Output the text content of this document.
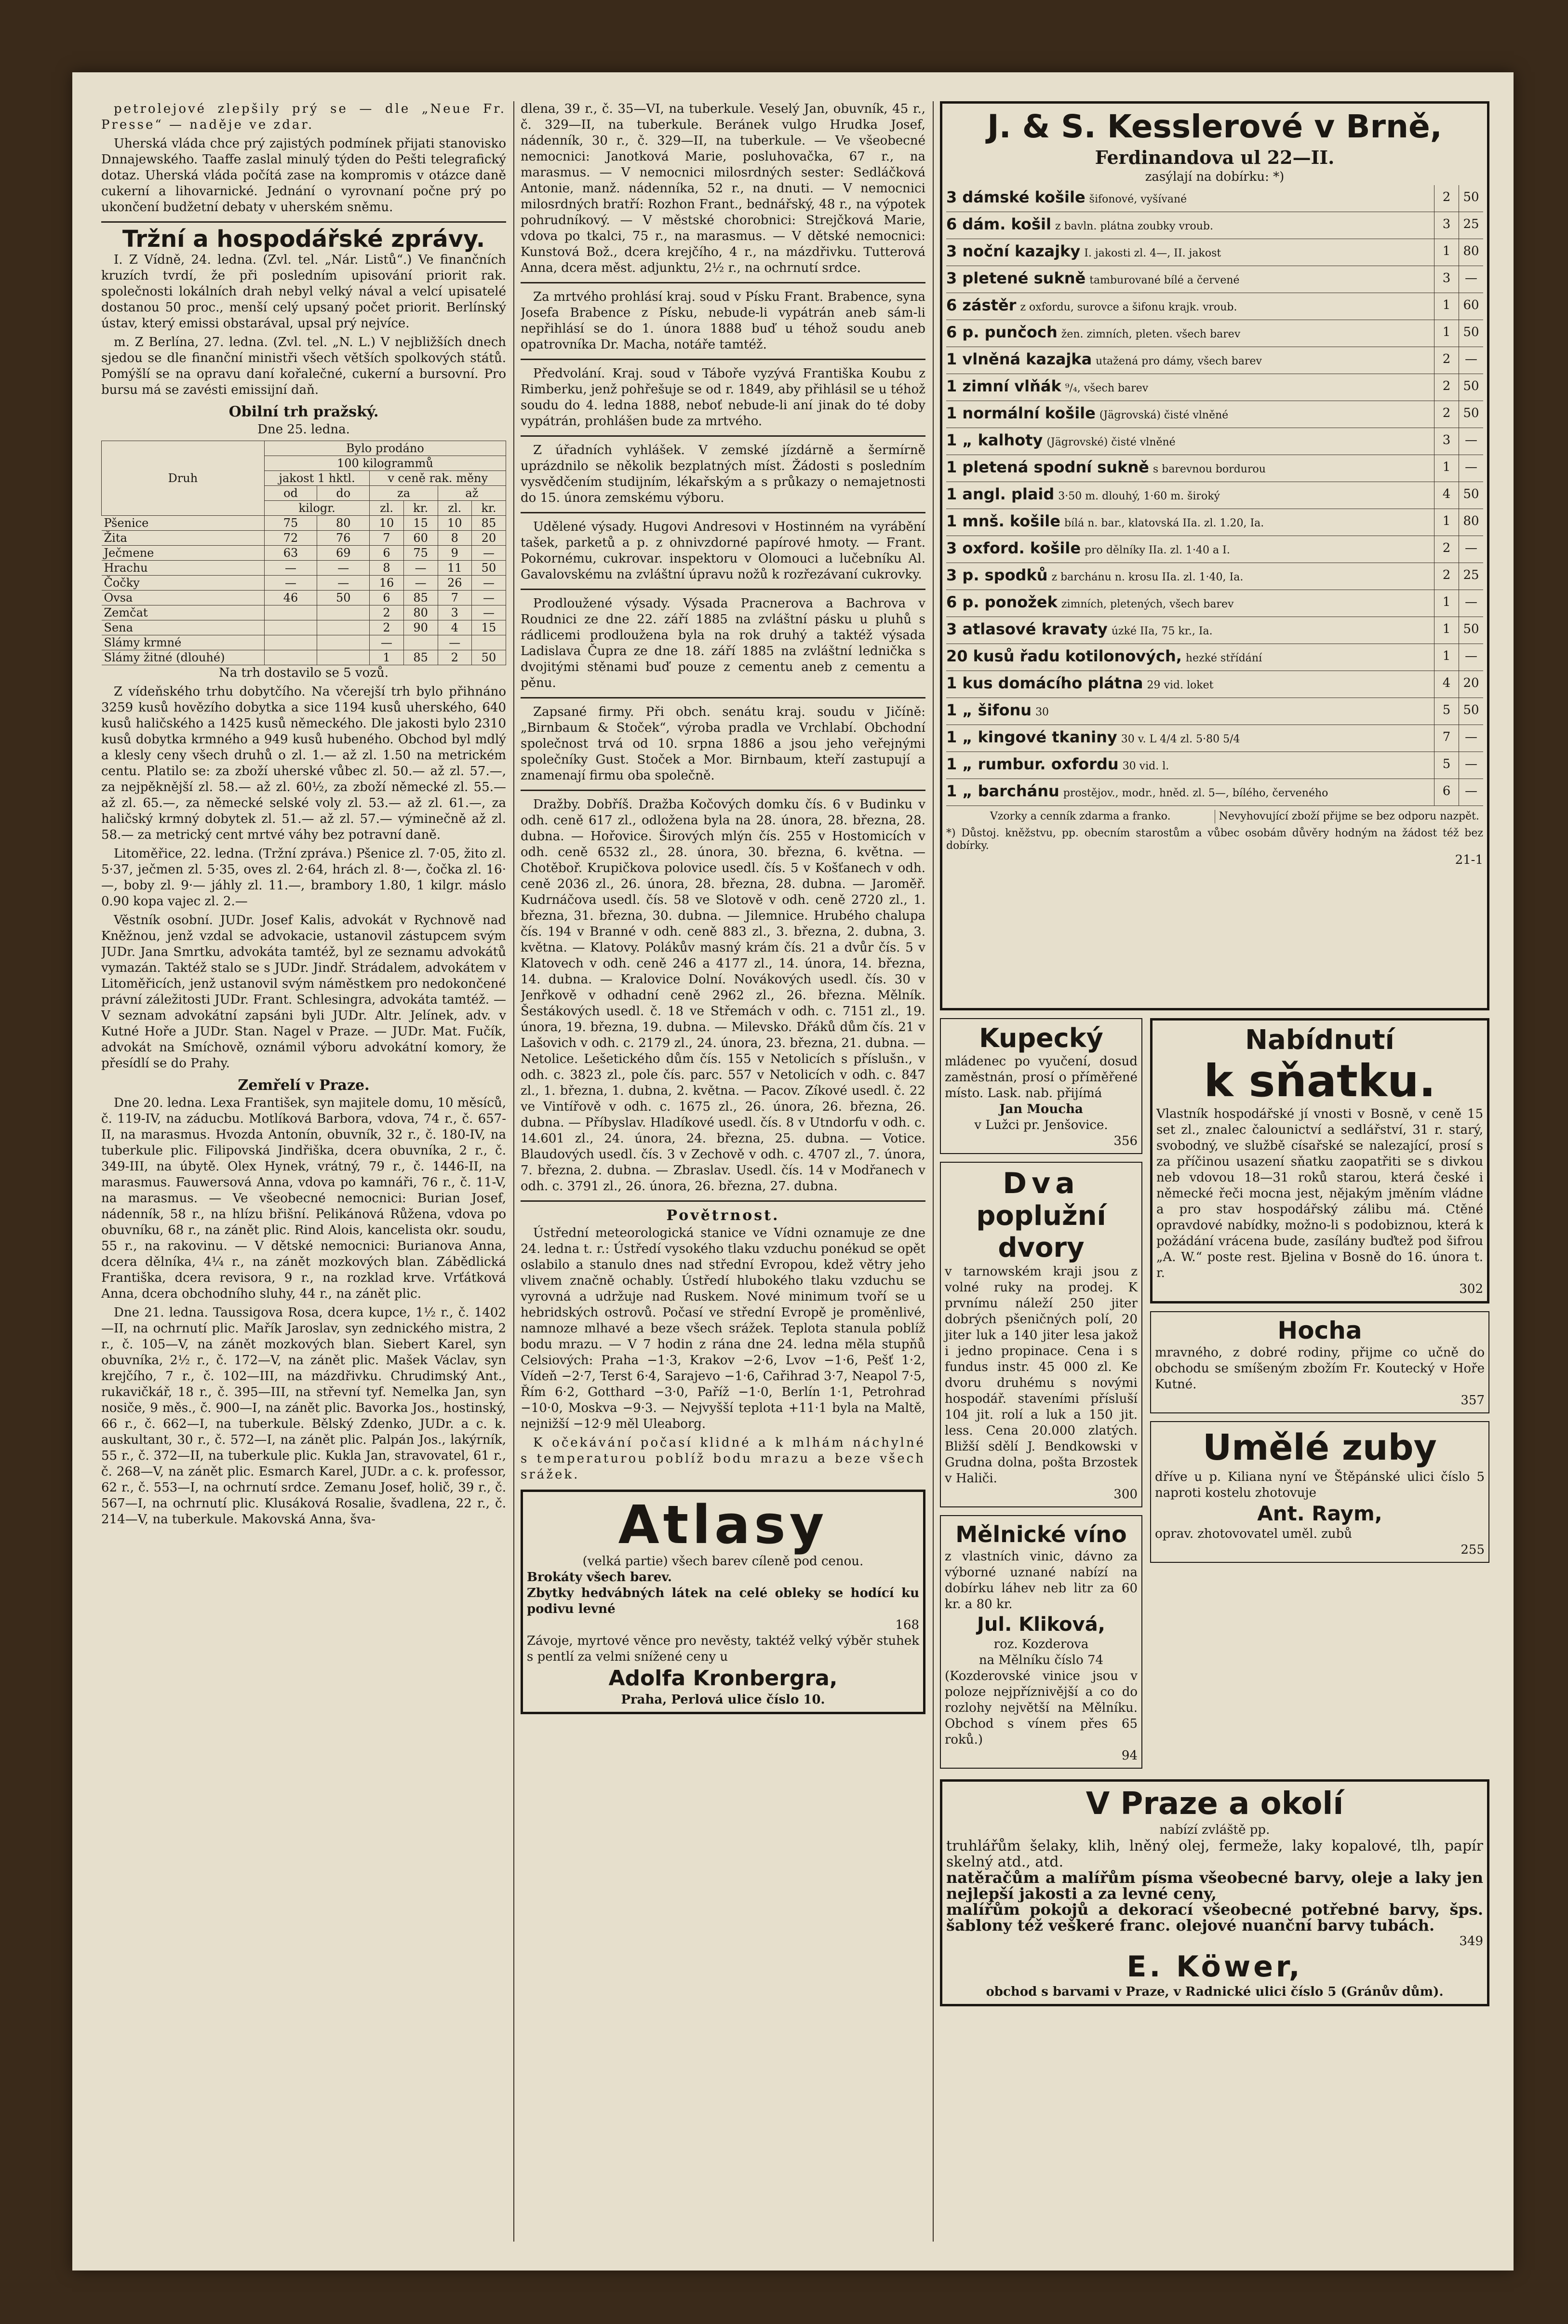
petrolejové zlepšily prý se — dle „Neue Fr. Presse“ — naděje ve zdar.

Uherská vláda chce prý zajistých podmínek přijati stanovisko Dnnajewského. Taaffe zaslal minulý týden do Pešti telegrafický dotaz. Uherská vláda počítá zase na kompromis v otázce daně cukerní a lihovarnické. Jednání o vyrovnaní počne prý po ukončení budžetní debaty v uherském sněmu.

Tržní a hospodářské zprávy.

I. Z Vídně, 24. ledna. (Zvl. tel. „Nár. Listů“.) Ve finančních kruzích tvrdí, že při posledním upisování priorit rak. společnosti lokálních drah nebyl velký nával a velcí upisatelé dostanou 50 proc., menší celý upsaný počet priorit. Berlínský ústav, který emissi obstarával, upsal prý nejvíce.

m. Z Berlína, 27. ledna. (Zvl. tel. „N. L.) V nejbližších dnech sjedou se dle finanční ministři všech větších spolkových států. Pomýšlí se na opravu daní kořalečné, cukerní a bursovní. Pro bursu má se zavésti emissijní daň.

Obilní trh pražský.

Dne 25. ledna.

Druh	Bylo prodáno					
	100 kilogrammů					
	jakost 1 hktl.		v ceně rak. měny			
	od	do	za		až	
	kilogr.		zl.	kr.	zl.	kr.
Pšenice	75	80	10	15	10	85
Žita	72	76	7	60	8	20
Ječmene	63	69	6	75	9	—
Hrachu	—	—	8	—	11	50
Čočky	—	—	16	—	26	—
Ovsa	46	50	6	85	7	—
Zemčat			2	80	3	—
Sena			2	90	4	15
Slámy krmné			—		—	
Slámy žitné (dlouhé)			1	85	2	50

Na trh dostavilo se 5 vozů.

Z vídeňského trhu dobytčího. Na včerejší trh bylo přihnáno 3259 kusů hovězího dobytka a sice 1194 kusů uherského, 640 kusů haličského a 1425 kusů německého. Dle jakosti bylo 2310 kusů dobytka krmného a 949 kusů hubeného. Obchod byl mdlý a klesly ceny všech druhů o zl. 1.— až zl. 1.50 na metrickém centu. Platilo se: za zboží uherské vůbec zl. 50.— až zl. 57.—, za nejpěknější zl. 58.— až zl. 60½, za zboží německé zl. 55.— až zl. 65.—, za německé selské voly zl. 53.— až zl. 61.—, za haličský krmný dobytek zl. 51.— až zl. 57.— výminečně až zl. 58.— za metrický cent mrtvé váhy bez potravní daně.

Litoměřice, 22. ledna. (Tržní zpráva.) Pšenice zl. 7·05, žito zl. 5·37, ječmen zl. 5·35, oves zl. 2·64, hrách zl. 8·—, čočka zl. 16·—, boby zl. 9·— jáhly zl. 11.—, brambory 1.80, 1 kilgr. máslo 0.90 kopa vajec zl. 2.—

Věstník osobní. JUDr. Josef Kalis, advokát v Rychnově nad Kněžnou, jenž vzdal se advokacie, ustanovil zástupcem svým JUDr. Jana Smrtku, advokáta tamtéž, byl ze seznamu advokátů vymazán. Taktéž stalo se s JUDr. Jindř. Strádalem, advokátem v Litoměřicích, jenž ustanovil svým náměstkem pro nedokončené právní záležitosti JUDr. Frant. Schlesingra, advokáta tamtéž. — V seznam advokátní zapsáni byli JUDr. Altr. Jelínek, adv. v Kutné Hoře a JUDr. Stan. Nagel v Praze. — JUDr. Mat. Fučík, advokát na Smíchově, oznámil výboru advokátní komory, že přesídlí se do Prahy.

Zemřelí v Praze.

Dne 20. ledna. Lexa František, syn majitele domu, 10 měsíců, č. 119-IV, na záducbu. Motlíková Barbora, vdova, 74 r., č. 657-II, na marasmus. Hvozda Antonín, obuvník, 32 r., č. 180-IV, na tuberkule plic. Filipovská Jindřiška, dcera obuvníka, 2 r., č. 349-III, na úbytě. Olex Hynek, vrátný, 79 r., č. 1446-II, na marasmus. Fauwersová Anna, vdova po kamnáři, 76 r., č. 11-V, na marasmus. — Ve všeobecné nemocnici: Burian Josef, nádenník, 58 r., na hlízu břišní. Pelikánová Růžena, vdova po obuvníku, 68 r., na zánět plic. Rind Alois, kancelista okr. soudu, 55 r., na rakovinu. — V dětské nemocnici: Burianova Anna, dcera dělníka, 4¼ r., na zánět mozkových blan. Zábědlická Františka, dcera revisora, 9 r., na rozklad krve. Vrťátková Anna, dcera obchodního sluhy, 44 r., na zánět plic.

Dne 21. ledna. Taussigova Rosa, dcera kupce, 1½ r., č. 1402—II, na ochrnutí plic. Mařík Jaroslav, syn zednického mistra, 2 r., č. 105—V, na zánět mozkových blan. Siebert Karel, syn obuvníka, 2½ r., č. 172—V, na zánět plic. Mašek Václav, syn krejčího, 7 r., č. 102—III, na mázdřivku. Chrudimský Ant., rukavičkář, 18 r., č. 395—III, na střevní tyf. Nemelka Jan, syn nosiče, 9 měs., č. 900—I, na zánět plic. Bavorka Jos., hostinský, 66 r., č. 662—I, na tuberkule. Bělský Zdenko, JUDr. a c. k. auskultant, 30 r., č. 572—I, na zánět plic. Palpán Jos., lakýrník, 55 r., č. 372—II, na tuberkule plic. Kukla Jan, stravovatel, 61 r., č. 268—V, na zánět plic. Esmarch Karel, JUDr. a c. k. professor, 62 r., č. 553—I, na ochrnutí srdce. Zemanu Josef, holič, 39 r., č. 567—I, na ochrnutí plic. Klusáková Rosalie, švadlena, 22 r., č. 214—V, na tuberkule. Makovská Anna, šva-

dlena, 39 r., č. 35—VI, na tuberkule. Veselý Jan, obuvník, 45 r., č. 329—II, na tuberkule. Beránek vulgo Hrudka Josef, nádenník, 30 r., č. 329—II, na tuberkule. — Ve všeobecné nemocnici: Janotková Marie, posluhovačka, 67 r., na marasmus. — V nemocnici milosrdných sester: Sedláčková Antonie, manž. nádenníka, 52 r., na dnuti. — V nemocnici milosrdných bratří: Rozhon Frant., bednářský, 48 r., na výpotek pohrudníkový. — V městské chorobnici: Strejčková Marie, vdova po tkalci, 75 r., na marasmus. — V dětské nemocnici: Kunstová Bož., dcera krejčího, 4 r., na mázdřivku. Tutterová Anna, dcera měst. adjunktu, 2½ r., na ochrnutí srdce.

Za mrtvého prohlásí kraj. soud v Písku Frant. Brabence, syna Josefa Brabence z Písku, nebude-li vypátrán aneb sám-li nepřihlásí se do 1. února 1888 buď u téhož soudu aneb opatrovníka Dr. Macha, notáře tamtéž.

Předvolání. Kraj. soud v Táboře vyzývá Františka Koubu z Rimberku, jenž pohřešuje se od r. 1849, aby přihlásil se u téhož soudu do 4. ledna 1888, neboť nebude-li aní jinak do té doby vypátrán, prohlášen bude za mrtvého.

Z úřadních vyhlášek. V zemské jízdárně a šermírně uprázdnilo se několik bezplatných míst. Žádosti s posledním vysvědčením studijním, lékařským a s průkazy o nemajetnosti do 15. února zemskému výboru.

Udělené výsady. Hugovi Andresovi v Hostinném na vyrábění tašek, parketů a p. z ohnivzdorné papírové hmoty. — Frant. Pokornému, cukrovar. inspektoru v Olomouci a lučebníku Al. Gavalovskému na zvláštní úpravu nožů k rozřezávaní cukrovky.

Prodloužené výsady. Výsada Pracnerova a Bachrova v Roudnici ze dne 22. září 1885 na zvláštní pásku u pluhů s rádlicemi prodloužena byla na rok druhý a taktéž výsada Ladislava Čupra ze dne 18. září 1885 na zvláštní lednička s dvojitými stěnami buď pouze z cementu aneb z cementu a pěnu.

Zapsané firmy. Při obch. senátu kraj. soudu v Jičíně: „Birnbaum & Stoček“, výroba pradla ve Vrchlabí. Obchodní společnost trvá od 10. srpna 1886 a jsou jeho veřejnými společníky Gust. Stoček a Mor. Birnbaum, kteří zastupují a znamenají firmu oba společně.

Dražby. Dobříš. Dražba Kočových domku čís. 6 v Budinku v odh. ceně 617 zl., odložena byla na 28. února, 28. března, 28. dubna. — Hořovice. Širových mlýn čís. 255 v Hostomicích v odh. ceně 6532 zl., 28. února, 30. března, 6. května. — Chotěboř. Krupičkova polovice usedl. čís. 5 v Košťanech v odh. ceně 2036 zl., 26. února, 28. března, 28. dubna. — Jaroměř. Kudrnáčova usedl. čís. 58 ve Slotově v odh. ceně 2720 zl., 1. března, 31. března, 30. dubna. — Jilemnice. Hrubého chalupa čís. 194 v Branné v odh. ceně 883 zl., 3. března, 2. dubna, 3. května. — Klatovy. Polákův masný krám čís. 21 a dvůr čís. 5 v Klatovech v odh. ceně 246 a 4177 zl., 14. února, 14. března, 14. dubna. — Kralovice Dolní. Novákových usedl. čís. 30 v Jenřkově v odhadní ceně 2962 zl., 26. března. Mělník. Šestákových usedl. č. 18 ve Střemách v odh. c. 7151 zl., 19. února, 19. března, 19. dubna. — Milevsko. Dřáků dům čís. 21 v Lašovich v odh. c. 2179 zl., 24. února, 23. března, 21. dubna. — Netolice. Lešetického dům čís. 155 v Netolicích s příslušn., v odh. c. 3823 zl., pole čís. parc. 557 v Netolicích v odh. c. 847 zl., 1. března, 1. dubna, 2. května. — Pacov. Zíkové usedl. č. 22 ve Vintířově v odh. c. 1675 zl., 26. února, 26. března, 26. dubna. — Příbyslav. Hladíkové usedl. čís. 8 v Utndorfu v odh. c. 14.601 zl., 24. února, 24. března, 25. dubna. — Votice. Blaudových usedl. čís. 3 v Zechově v odh. c. 4707 zl., 7. února, 7. března, 2. dubna. — Zbraslav. Usedl. čís. 14 v Modřanech v odh. c. 3791 zl., 26. února, 26. března, 27. dubna.

Povětrnost.

Ústřední meteorologická stanice ve Vídni oznamuje ze dne 24. ledna t. r.: Ústředí vysokého tlaku vzduchu ponékud se opět oslabilo a stanulo dnes nad střední Evropou, kdež větry jeho vlivem značně ochably. Ústředí hlubokého tlaku vzduchu se vyrovná a udržuje nad Ruskem. Nové minimum tvoří se u hebridských ostrovů. Počasí ve střední Evropě je proměnlivé, namnoze mlhavé a beze všech srážek. Teplota stanula poblíž bodu mrazu. — V 7 hodin z rána dne 24. ledna měla stupňů Celsiových: Praha −1·3, Krakov −2·6, Lvov −1·6, Pešť 1·2, Vídeň −2·7, Terst 6·4, Sarajevo −1·6, Cařihrad 3·7, Neapol 7·5, Řím 6·2, Gotthard −3·0, Paříž −1·0, Berlín 1·1, Petrohrad −10·0, Moskva −9·3. — Nejvyšší teplota +11·1 byla na Maltě, nejnižší −12·9 měl Uleaborg.

K očekávání počasí klidné a k mlhám náchylné s temperaturou poblíž bodu mrazu a beze všech srážek.

Atlasy
(velká partie) všech barev cíleně pod cenou.
Brokáty všech barev.
Zbytky hedvábných látek na celé obleky se hodící ku podivu levné
168
Závoje, myrtové věnce pro nevěsty, taktéž velký výběr stuhek s pentlí za velmi snížené ceny u
Adolfa Kronbergra,
Praha, Perlová ulice číslo 10.
J. & S. Kesslerové v Brně,
Ferdinandova ul 22—II.
zasýlají na dobírku: *)
3 dámské košile šifonové, vyšívané	2	50
6 dám. košil z bavln. plátna zoubky vroub.	3	25
3 noční kazajky I. jakosti zl. 4—, II. jakost	1	80
3 pletené sukně tamburované bílé a červené	3	—
6 zástěr z oxfordu, surovce a šifonu krajk. vroub.	1	60
6 p. punčoch žen. zimních, pleten. všech barev	1	50
1 vlněná kazajka utažená pro dámy, všech barev	2	—
1 zimní vlňák ⁹/₄, všech barev	2	50
1 normální košile (Jägrovská) čisté vlněné	2	50
1 „ kalhoty (Jägrovské) čisté vlněné	3	—
1 pletená spodní sukně s barevnou bordurou	1	—
1 angl. plaid 3·50 m. dlouhý, 1·60 m. široký	4	50
1 mnš. košile bílá n. bar., klatovská IIa. zl. 1.20, Ia.	1	80
3 oxford. košile pro dělníky IIa. zl. 1·40 a I.	2	—
3 p. spodků z barchánu n. krosu IIa. zl. 1·40, Ia.	2	25
6 p. ponožek zimních, pletených, všech barev	1	—
3 atlasové kravaty úzké IIa, 75 kr., Ia.	1	50
20 kusů řadu kotilonových, hezké střídání	1	—
1 kus domácího plátna 29 vid. loket	4	20
1 „ šifonu 30	5	50
1 „ kingové tkaniny 30 v. L 4/4 zl. 5·80 5/4	7	—
1 „ rumbur. oxfordu 30 vid. l.	5	—
1 „ barchánu prostějov., modr., hněd. zl. 5—, bílého, červeného	6	—
Vzorky a cenník zdarma a franko.	Nevyhovující zboží přijme se bez odporu nazpět.
*) Důstoj. kněžstvu, pp. obecním starostům a vůbec osobám důvěry hodným na žádost též bez dobírky.
21-1
Kupecký
mládenec po vyučení, dosud zaměstnán, prosí o příměřené místo. Lask. nab. přijímá
Jan Moucha
v Lužci pr. Jenšovice.
356
Dva
poplužní dvory
v tarnowském kraji jsou z volné ruky na prodej. K prvnímu náleží 250 jiter dobrých pšeničných polí, 20 jiter luk a 140 jiter lesa jakož i jedno propinace. Cena i s fundus instr. 45 000 zl. Ke dvoru druhému s novými hospodář. staveními přísluší 104 jit. rolí a luk a 150 jit. less. Cena 20.000 zlatých. Bližší sdělí J. Bendkowski v Grudna dolna, pošta Brzostek v Haliči.
300
Mělnické víno
z vlastních vinic, dávno za výborné uznané nabízí na dobírku láhev neb litr za 60 kr. a 80 kr.
Jul. Kliková,
roz. Kozderova
na Mělníku číslo 74
(Kozderovské vinice jsou v poloze nejpříznivější a co do rozlohy největší na Mělníku. Obchod s vínem přes 65 roků.)
94
Nabídnutí
k sňatku.
Vlastník hospodářské jí vnosti v Bosně, v ceně 15 set zl., znalec čalounictví a sedlářství, 31 r. starý, svobodný, ve službě císařské se nalezající, prosí s za příčinou usazení sňatku zaopatřiti se s divkou neb vdovou 18—31 roků starou, která české i německé řeči mocna jest, nějakým jměním vládne a pro stav hospodářský zálibu má. Ctěné opravdové nabídky, možno-li s podobiznou, která k požádání vrácena bude, zasílány buďtež pod šifrou „A. W.“ poste rest. Bjelina v Bosně do 16. února t. r.
302
Hocha
mravného, z dobré rodiny, přijme co učně do obchodu se smíšeným zbožím Fr. Koutecký v Hoře Kutné.
357
Umělé zuby
dříve u p. Kiliana nyní ve Štěpánské ulici číslo 5 naproti kostelu zhotovuje
Ant. Raym,
oprav. zhotovovatel uměl. zubů
255
V Praze a okolí
nabízí zvláště pp.
truhlářům šelaky, klih, lněný olej, fermeže, laky kopalové, tlh, papír skelný atd., atd.
natěračům a malířům písma všeobecné barvy, oleje a laky jen nejlepší jakosti a za levné ceny,
malířům pokojů a dekorací všeobecné potřebné barvy, šps. šablony též veškeré franc. olejové nuanční barvy tubách.
349
E. Köwer,
obchod s barvami v Praze, v Radnické ulici číslo 5 (Gránův dům).
